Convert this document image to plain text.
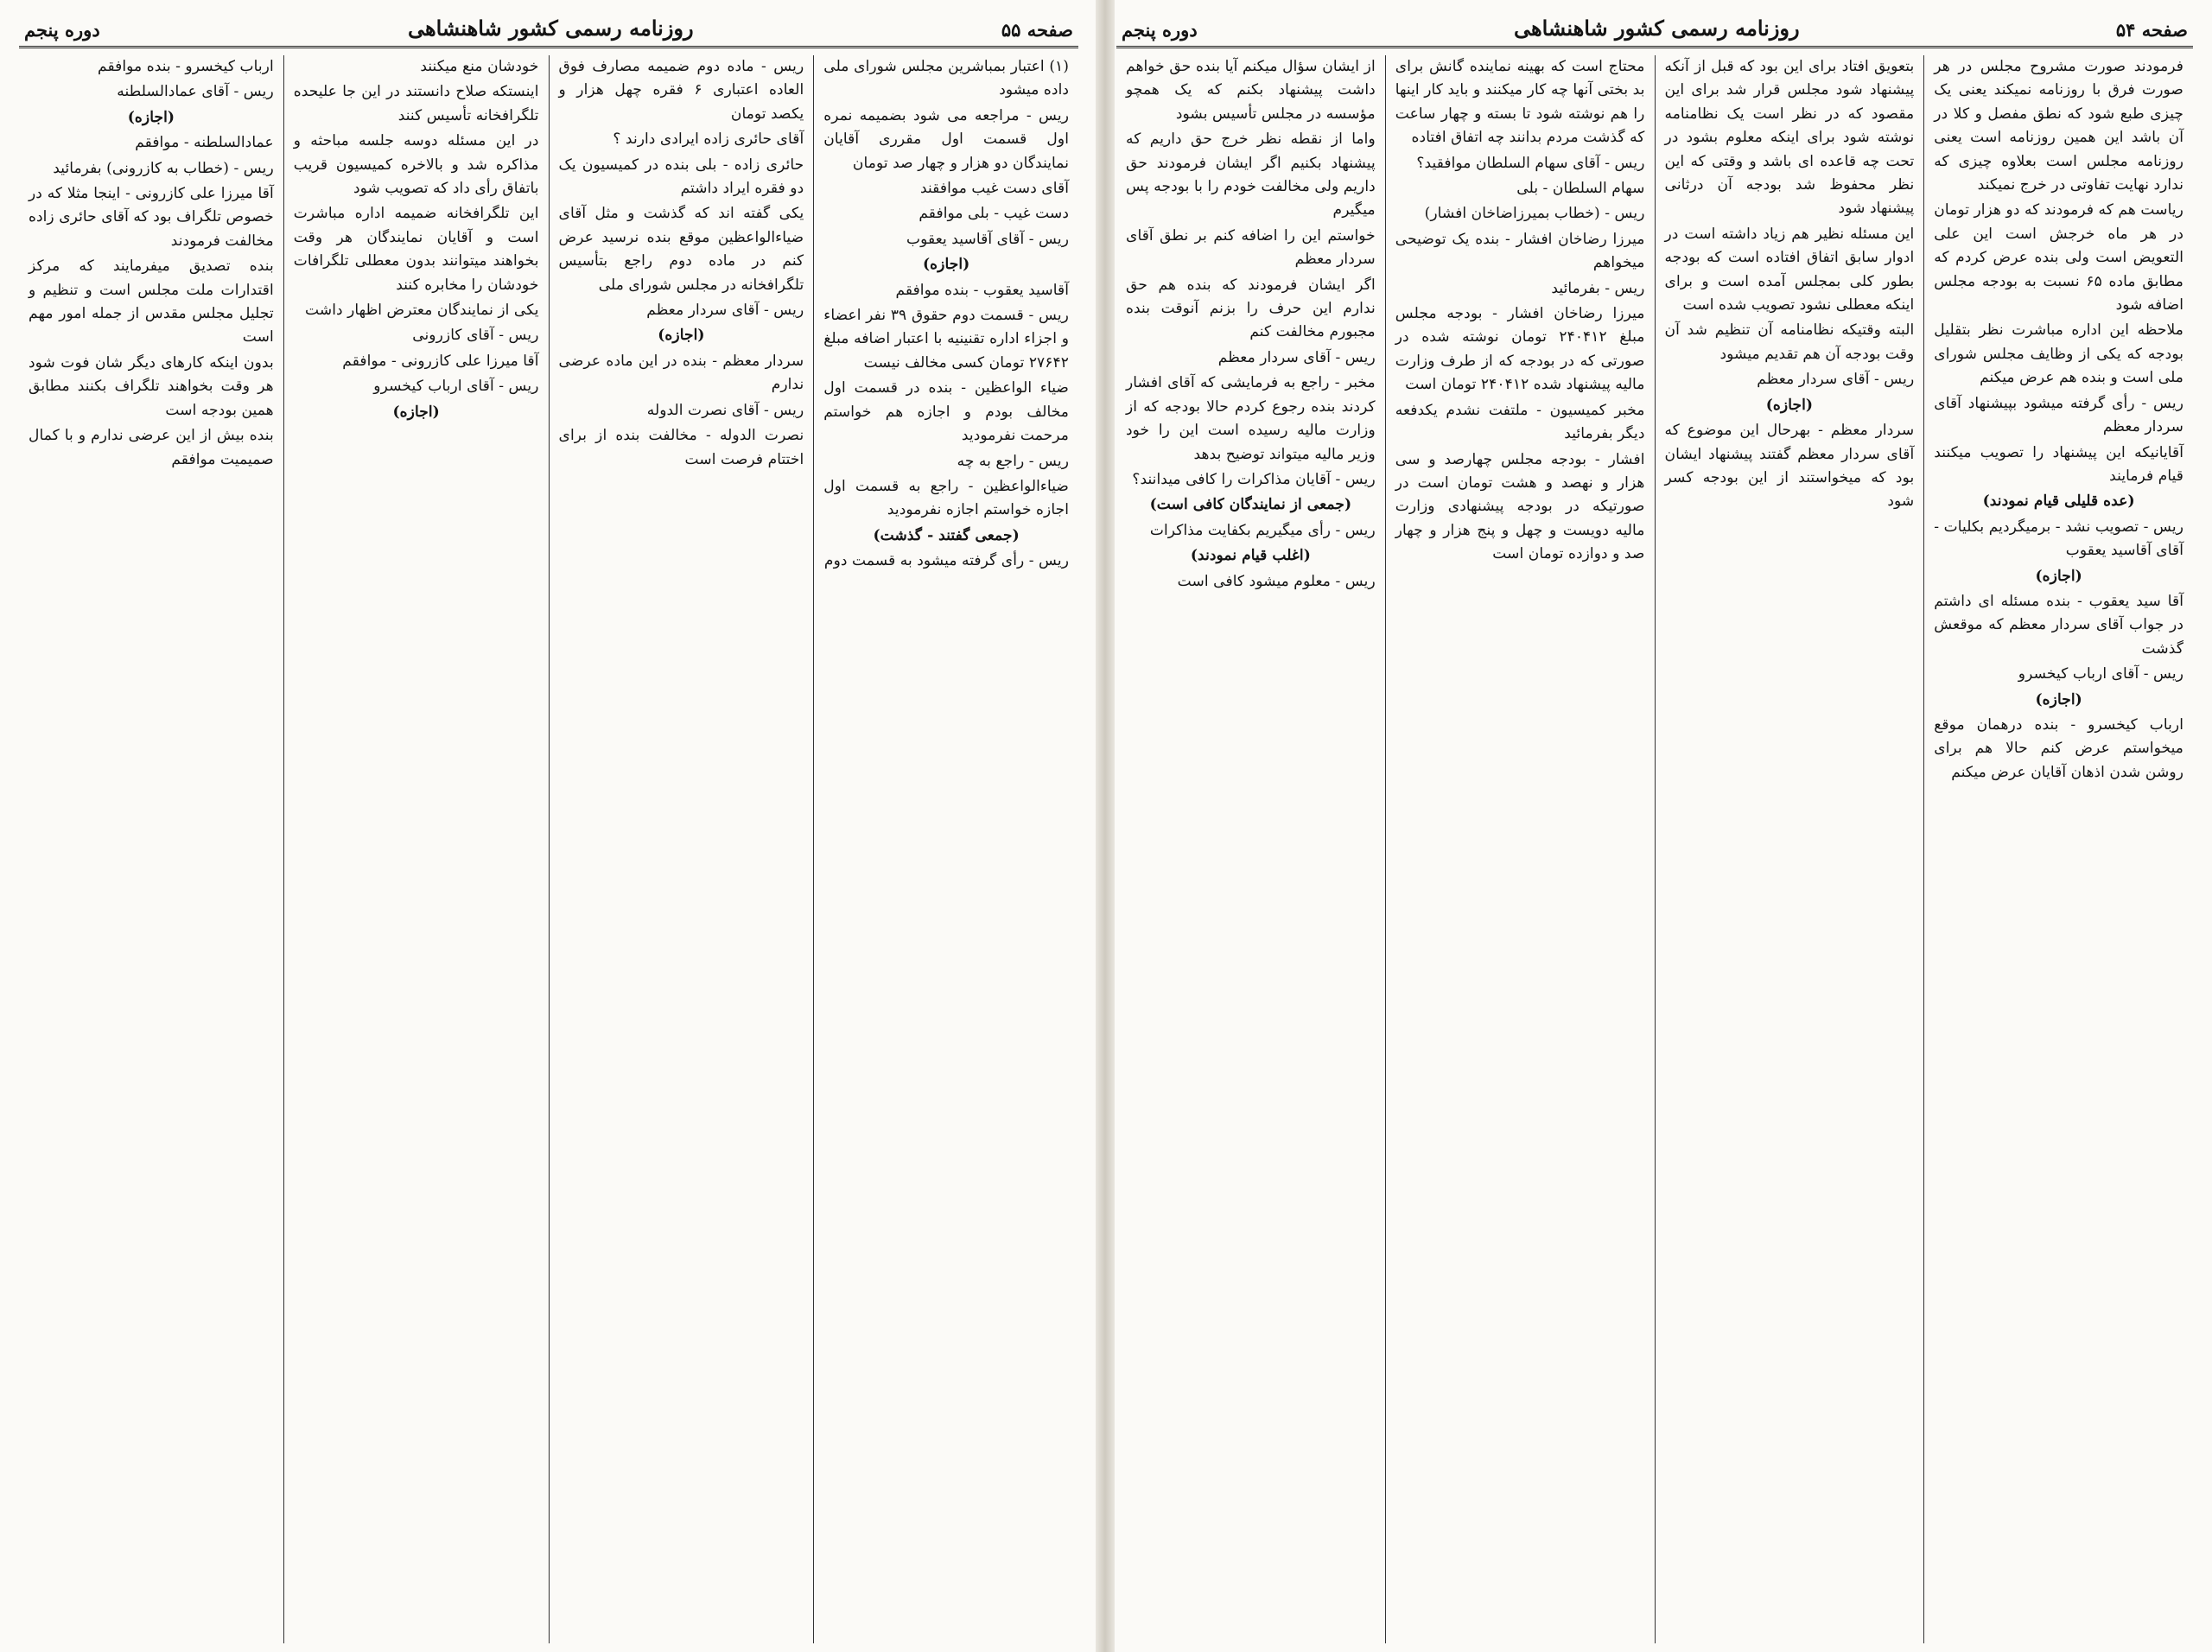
صفحه ۵۴
روزنامه رسمی کشور شاهنشاهی
دوره پنجم

فرمودند صورت مشروح مجلس در هر صورت فرق با روزنامه نمیکند یعنی یک چیزی طبع شود که نطق مفصل و کلا در آن باشد این همین روزنامه است یعنی روزنامه مجلس است بعلاوه چیزی که ندارد نهایت تفاوتی در خرج نمیکند

ریاست هم که فرمودند که دو هزار تومان در هر ماه خرجش است این علی التعویض است ولی بنده عرض کردم که مطابق ماده ۶۵ نسبت به بودجه مجلس اضافه شود

ملاحظه این اداره مباشرت نظر بتقلیل بودجه که یکی از وظایف مجلس شورای ملی است و بنده هم عرض میکنم

ریس - رأی گرفته میشود بپیشنهاد آقای سردار معظم

آقایانیکه این پیشنهاد را تصویب میکنند قیام فرمایند

(عده قلیلی قیام نمودند)

ریس - تصویب نشد - برمیگردیم بکلیات - آقای آقاسید یعقوب

(اجازه)

آقا سید یعقوب - بنده مسئله ای داشتم در جواب آقای سردار معظم که موقعش گذشت

ریس - آقای ارباب کیخسرو

(اجازه)

ارباب کیخسرو - بنده درهمان موقع میخواستم عرض کنم حالا هم برای روشن شدن اذهان آقایان عرض میکنم

بتعویق افتاد برای این بود که قبل از آنکه پیشنهاد شود مجلس قرار شد برای این مقصود که در نظر است یک نظامنامه نوشته شود برای اینکه معلوم بشود در تحت چه قاعده ای باشد و وقتی که این نظر محفوظ شد بودجه آن درثانی پیشنهاد شود

این مسئله نظیر هم زیاد داشته است در ادوار سابق اتفاق افتاده است که بودجه بطور کلی بمجلس آمده است و برای اینکه معطلی نشود تصویب شده است

البته وقتیکه نظامنامه آن تنظیم شد آن وقت بودجه آن هم تقدیم میشود

ریس - آقای سردار معظم

(اجازه)

سردار معظم - بهرحال این موضوع که آقای سردار معظم گفتند پیشنهاد ایشان بود که میخواستند از این بودجه کسر شود

محتاج است که بهینه نماینده گانش برای بد بختی آنها چه کار میکنند و باید کار اینها را هم نوشته شود تا بسته و چهار ساعت که گذشت مردم بدانند چه اتفاق افتاده

ریس - آقای سهام السلطان موافقید؟

سهام السلطان - بلی

ریس - (خطاب بمیرزاضاخان افشار)

میرزا رضاخان افشار - بنده یک توضیحی میخواهم

ریس - بفرمائید

میرزا رضاخان افشار - بودجه مجلس مبلغ ۲۴۰۴۱۲ تومان نوشته شده در صورتی که در بودجه که از طرف وزارت مالیه پیشنهاد شده ۲۴۰۴۱۲ تومان است

مخبر کمیسیون - ملتفت نشدم یکدفعه دیگر بفرمائید

افشار - بودجه مجلس چهارصد و سی هزار و نهصد و هشت تومان است در صورتیکه در بودجه پیشنهادی وزارت مالیه دویست و چهل و پنج هزار و چهار صد و دوازده تومان است

از ایشان سؤال میکنم آیا بنده حق خواهم داشت پیشنهاد بکنم که یک همچو مؤسسه در مجلس تأسیس بشود

واما از نقطه نظر خرج حق داریم که پیشنهاد بکنیم اگر ایشان فرمودند حق داریم ولی مخالفت خودم را با بودجه پس میگیرم

خواستم این را اضافه کنم بر نطق آقای سردار معظم

اگر ایشان فرمودند که بنده هم حق ندارم این حرف را بزنم آنوقت بنده مجبورم مخالفت کنم

ریس - آقای سردار معظم

مخبر - راجع به فرمایشی که آقای افشار کردند بنده رجوع کردم حالا بودجه که از وزارت مالیه رسیده است این را خود وزیر مالیه میتواند توضیح بدهد

ریس - آقایان مذاکرات را کافی میدانند؟

(جمعی از نمایندگان کافی است)

ریس - رأی میگیریم بکفایت مذاکرات

(اغلب قیام نمودند)

ریس - معلوم میشود کافی است

صفحه ۵۵
روزنامه رسمی کشور شاهنشاهی
دوره پنجم

(۱) اعتبار بمباشرین مجلس شورای ملی داده میشود

ریس - مراجعه می شود بضمیمه نمره اول قسمت اول مقرری آقایان نمایندگان دو هزار و چهار صد تومان

آقای دست غیب موافقند

دست غیب - بلی موافقم

ریس - آقای آقاسید یعقوب

(اجازه)

آقاسید یعقوب - بنده موافقم

ریس - قسمت دوم حقوق ۳۹ نفر اعضاء و اجزاء اداره تقنینیه با اعتبار اضافه مبلغ ۲۷۶۴۲ تومان کسی مخالف نیست

ضیاء الواعظین - بنده در قسمت اول مخالف بودم و اجازه هم خواستم مرحمت نفرمودید

ریس - راجع به چه

ضیاءالواعظین - راجع به قسمت اول اجازه خواستم اجازه نفرمودید

(جمعی گفتند - گذشت)

ریس - رأی گرفته میشود به قسمت دوم

ریس - ماده دوم ضمیمه مصارف فوق العاده اعتباری ۶ فقره چهل هزار و یکصد تومان

آقای حائری زاده ایرادی دارند ؟

حائری زاده - بلی بنده در کمیسیون یک دو فقره ایراد داشتم

یکی گفته اند که گذشت و مثل آقای ضیاءالواعظین موقع بنده نرسید عرض کنم در ماده دوم راجع بتأسیس تلگرافخانه در مجلس شورای ملی

ریس - آقای سردار معظم

(اجازه)

سردار معظم - بنده در این ماده عرضی ندارم

ریس - آقای نصرت الدوله

نصرت الدوله - مخالفت بنده از برای اختتام فرصت است

خودشان منع میکنند

اینستکه صلاح دانستند در این جا علیحده تلگرافخانه تأسیس کنند

در این مسئله دوسه جلسه مباحثه و مذاکره شد و بالاخره کمیسیون قریب باتفاق رأی داد که تصویب شود

این تلگرافخانه ضمیمه اداره مباشرت است و آقایان نمایندگان هر وقت بخواهند میتوانند بدون معطلی تلگرافات خودشان را مخابره کنند

یکی از نمایندگان معترض اظهار داشت

ریس - آقای کازرونی

آقا میرزا علی کازرونی - موافقم

ریس - آقای ارباب کیخسرو

(اجازه)

ارباب کیخسرو - بنده موافقم

ریس - آقای عمادالسلطنه

(اجازه)

عمادالسلطنه - موافقم

ریس - (خطاب به کازرونی) بفرمائید

آقا میرزا علی کازرونی - اینجا مثلا که در خصوص تلگراف بود که آقای حائری زاده مخالفت فرمودند

بنده تصدیق میفرمایند که مرکز اقتدارات ملت مجلس است و تنظیم و تجلیل مجلس مقدس از جمله امور مهم است

بدون اینکه کارهای دیگر شان فوت شود هر وقت بخواهند تلگراف بکنند مطابق همین بودجه است

بنده بیش از این عرضی ندارم و با کمال صمیمیت موافقم
